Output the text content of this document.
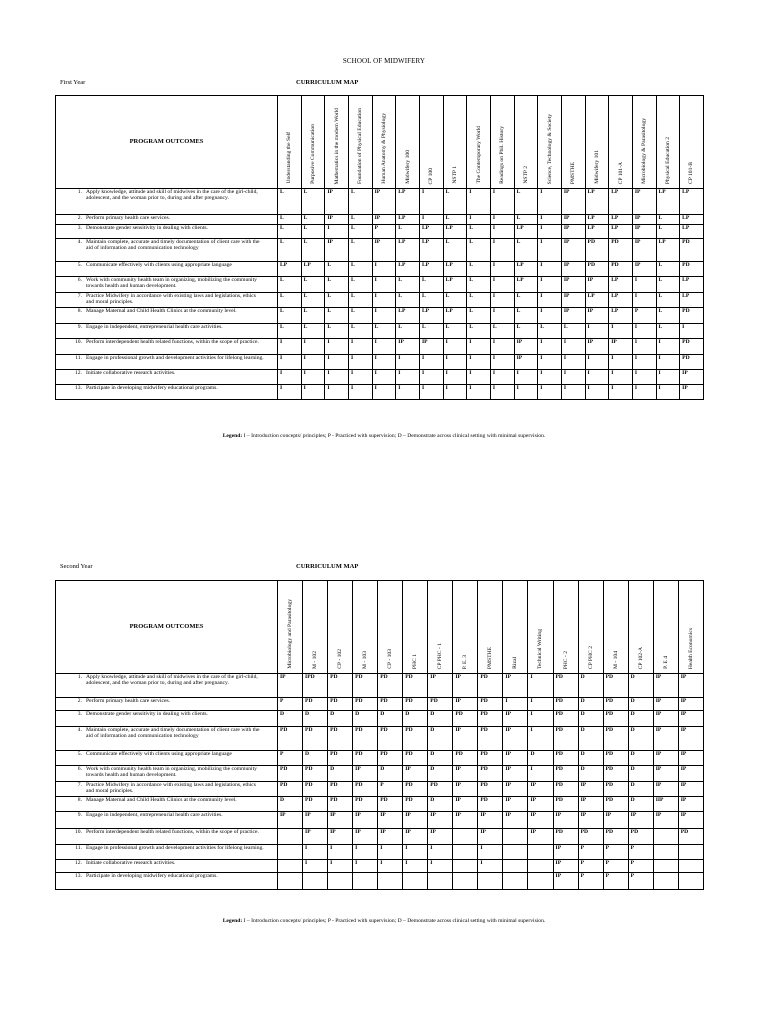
SCHOOL OF MIDWIFERY
First Year	CURRICULUM MAP
PROGRAM OUTCOMES	Understanding the Self	Purposive Communication	Mathematics in the modern World	Foundation of Physical Education	Human Anatomy & Physiology	Midwifery 100	CP 100	NSTP 1	The Contemporary World	Readings on Phil. History	NSTP 2	Science, Technology & Society	PMSTHE	Midwifery 101	CP 101-A	Microbiology & Parasitology	Physical Education 2	CP 101-B

1. Apply knowledge, attitude and skill of midwives in the care of the girl-child, adolescent, and the woman prior to, during and after pregnancy.	L	L	IP	L	IP	LP	I	L	I	I	L	I	IP	LP	LP	IP	LP	LP
2. Perform primary health care services.	L	L	IP	L	IP	LP	I	L	I	I	L	I	IP	LP	LP	IP	L	LP
3. Demonstrate gender sensitivity in dealing with clients.	L	L	I	L	P	L	LP	LP	L	I	LP	I	IP	LP	LP	IP	L	LP
4. Maintain complete, accurate and timely documentation of client care with the aid of information and communication technology	L	L	IP	L	IP	LP	LP	L	L	I	L	I	IP	PD	PD	IP	LP	PD
5. Communicate effectively with clients using appropriate language	LP	LP	L	L	I	LP	LP	LP	L	I	LP	I	IP	PD	PD	IP	L	PD
6. Work with community health team in organizing, mobilizing the community towards health and human development.	L	L	L	L	I	L	L	LP	L	I	LP	I	IP	IP	LP	I	L	LP
7. Practice Midwifery in accordance with existing laws and legislations, ethics and moral principles.	L	L	L	L	I	L	L	L	L	I	L	I	IP	LP	LP	I	L	LP
8. Manage Maternal and Child Health Clinics at the community level.	L	L	L	L	I	LP	LP	LP	L	I	L	I	IP	IP	LP	P	L	PD
9. Engage in independent, entrepreneurial health care activities.	L	L	L	L	L	L	L	L	L	L	L	L	L	I	I	I	L	I
10. Perform interdependent health related functions, within the scope of practice.	I	I	I	I	I	IP	IP	I	I	I	IP	I	I	IP	IP	I	I	PD
11. Engage in professional growth and development activities for lifelong learning.	I	I	I	I	I	I	I	I	I	I	IP	I	I	I	I	I	I	PD
12. Initiate collaborative research activities.	I	I	I	I	I	I	I	I	I	I	I	I	I	I	I	I	I	IP
13. Participate in developing midwifery educational programs.	I	I	I	I	I	I	I	I	I	I	I	I	I	I	I	I	I	IP
Legend: I – Introduction concepts/ principles; P - Practiced with supervision; D – Demonstrate across clinical setting with minimal supervision.
Second Year	CURRICULUM MAP
PROGRAM OUTCOMES	Microbiology and Parasitology	M - 102	CP - 102	M - 103	CP - 103	PHC 1	CP PHC - 1	P. E. 3	PMSTHE	Rizal	Technical Writing	PHC - 2	CP PHC 2	M - 104	CP 102-A	P. E 4	Health Economics

1. Apply knowledge, attitude and skill of midwives in the care of the girl-child, adolescent, and the woman prior to, during and after pregnancy.	IP	IPD	PD	PD	PD	PD	IP	IP	PD	IP	I	PD	D	PD	D	IP	IP
2. Perform primary health care services.	P	PD	PD	PD	PD	PD	PD	IP	PD	I	I	PD	D	PD	D	IP	IP
3. Demonstrate gender sensitivity in dealing with clients.	D	D	D	D	D	D	D	PD	PD	IP	I	PD	D	PD	D	IP	IP
4. Maintain complete, accurate and timely documentation of client care with the aid of information and communication technology	PD	PD	PD	PD	PD	PD	D	IP	PD	IP	I	PD	D	PD	D	IP	IP
5. Communicate effectively with clients using appropriate language	P	D	PD	PD	PD	PD	D	PD	PD	IP	D	PD	D	PD	D	IP	IP
6. Work with community health team in organizing, mobilizing the community towards health and human development.	PD	PD	D	IP	D	IP	D	IP	PD	IP	I	PD	D	PD	D	IP	IP
7. Practice Midwifery in accordance with existing laws and legislations, ethics and moral principles.	PD	PD	PD	PD	P	PD	PD	IP	PD	IP	IP	PD	IP	PD	D	IP	IP
8. Manage Maternal and Child Health Clinics at the community level.	D	PD	PD	PD	PD	PD	D	IP	PD	IP	IP	PD	IP	PD	D	IIP	IP
9. Engage in independent, entrepreneurial health care activities.	IP	IP	IP	IP	IP	IP	IP	IP	IP	IP	IP	IP	IP	IP	IP	IP	IP
10. Perform interdependent health related functions, within the scope of practice.		IP	IP	IP	IP	IP	IP		IP		IP	PD	PD	PD	PD		PD
11. Engage in professional growth and development activities for lifelong learning.		I	I	I	I	I	I		I			IP	P	P	P		
12. Initiate collaborative research activities.		I	I	I	I	I	I		I			IP	P	P	P		
13. Participate in developing midwifery educational programs.												IP	P	P	P		
Legend: I – Introduction concepts/ principles; P - Practiced with supervision; D – Demonstrate across clinical setting with minimal supervision.
